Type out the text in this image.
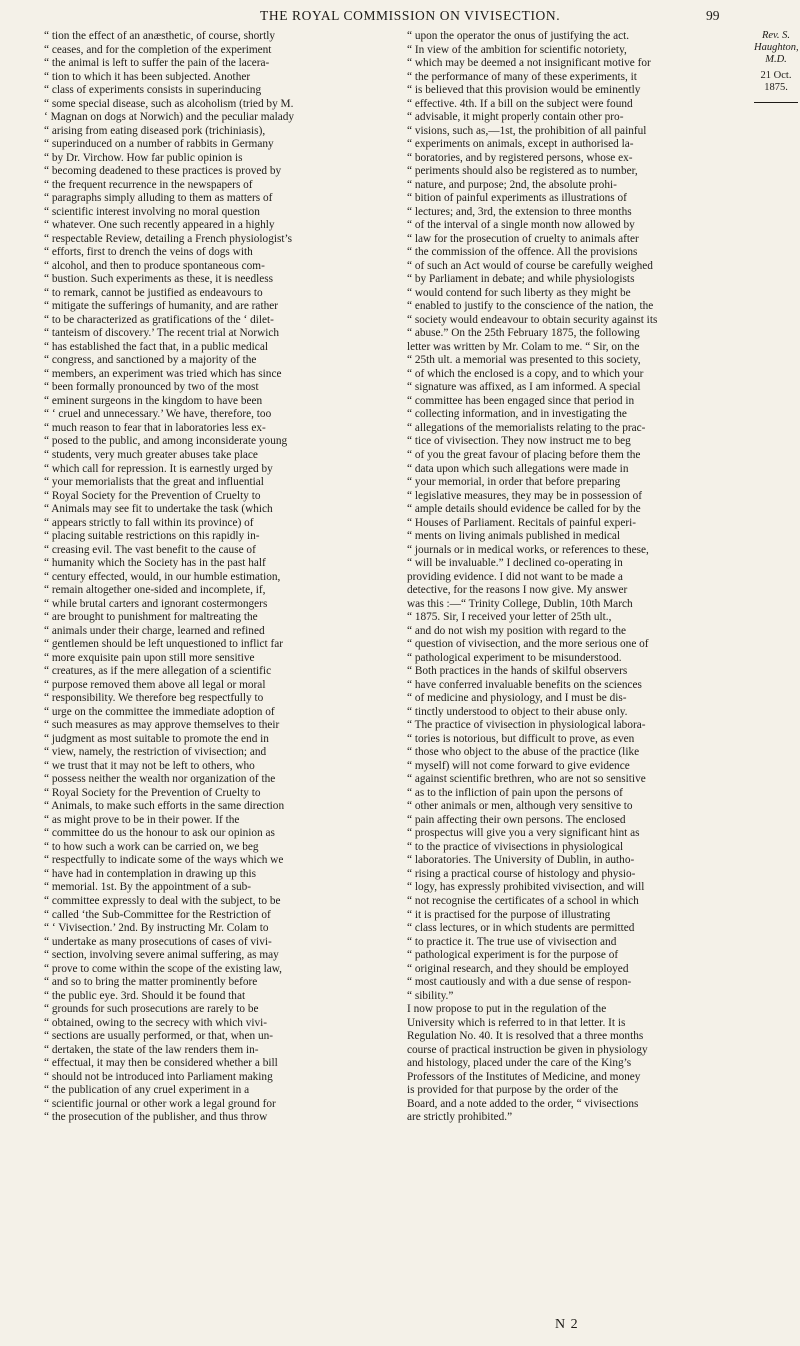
THE ROYAL COMMISSION ON VIVISECTION.	99
“ tion the effect of an anæsthetic, of course, shortly
“ ceases, and for the completion of the experiment
“ the animal is left to suffer the pain of the lacera-
“ tion to which it has been subjected. Another
“ class of experiments consists in superinducing
“ some special disease, such as alcoholism (tried by M.
‘ Magnan on dogs at Norwich) and the peculiar malady
“ arising from eating diseased pork (trichiniasis),
“ superinduced on a number of rabbits in Germany
“ by Dr. Virchow. How far public opinion is
“ becoming deadened to these practices is proved by
“ the frequent recurrence in the newspapers of
“ paragraphs simply alluding to them as matters of
“ scientific interest involving no moral question
“ whatever. One such recently appeared in a highly
“ respectable Review, detailing a French physiologist’s
“ efforts, first to drench the veins of dogs with
“ alcohol, and then to produce spontaneous com-
“ bustion. Such experiments as these, it is needless
“ to remark, cannot be justified as endeavours to
“ mitigate the sufferings of humanity, and are rather
“ to be characterized as gratifications of the ‘ dilet-
“ tanteism of discovery.’ The recent trial at Norwich
“ has established the fact that, in a public medical
“ congress, and sanctioned by a majority of the
“ members, an experiment was tried which has since
“ been formally pronounced by two of the most
“ eminent surgeons in the kingdom to have been
“ ‘ cruel and unnecessary.’ We have, therefore, too
“ much reason to fear that in laboratories less ex-
“ posed to the public, and among inconsiderate young
“ students, very much greater abuses take place
“ which call for repression. It is earnestly urged by
“ your memorialists that the great and influential
“ Royal Society for the Prevention of Cruelty to
“ Animals may see fit to undertake the task (which
“ appears strictly to fall within its province) of
“ placing suitable restrictions on this rapidly in-
“ creasing evil. The vast benefit to the cause of
“ humanity which the Society has in the past half
“ century effected, would, in our humble estimation,
“ remain altogether one-sided and incomplete, if,
“ while brutal carters and ignorant costermongers
“ are brought to punishment for maltreating the
“ animals under their charge, learned and refined
“ gentlemen should be left unquestioned to inflict far
“ more exquisite pain upon still more sensitive
“ creatures, as if the mere allegation of a scientific
“ purpose removed them above all legal or moral
“ responsibility. We therefore beg respectfully to
“ urge on the committee the immediate adoption of
“ such measures as may approve themselves to their
“ judgment as most suitable to promote the end in
“ view, namely, the restriction of vivisection; and
“ we trust that it may not be left to others, who
“ possess neither the wealth nor organization of the
“ Royal Society for the Prevention of Cruelty to
“ Animals, to make such efforts in the same direction
“ as might prove to be in their power. If the
“ committee do us the honour to ask our opinion as
“ to how such a work can be carried on, we beg
“ respectfully to indicate some of the ways which we
“ have had in contemplation in drawing up this
“ memorial. 1st. By the appointment of a sub-
“ committee expressly to deal with the subject, to be
“ called ‘the Sub-Committee for the Restriction of
“ ‘ Vivisection.’ 2nd. By instructing Mr. Colam to
“ undertake as many prosecutions of cases of vivi-
“ section, involving severe animal suffering, as may
“ prove to come within the scope of the existing law,
“ and so to bring the matter prominently before
“ the public eye. 3rd. Should it be found that
“ grounds for such prosecutions are rarely to be
“ obtained, owing to the secrecy with which vivi-
“ sections are usually performed, or that, when un-
“ dertaken, the state of the law renders them in-
“ effectual, it may then be considered whether a bill
“ should not be introduced into Parliament making
“ the publication of any cruel experiment in a
“ scientific journal or other work a legal ground for
“ the prosecution of the publisher, and thus throw
“ upon the operator the onus of justifying the act.
“ In view of the ambition for scientific notoriety,
“ which may be deemed a not insignificant motive for
“ the performance of many of these experiments, it
“ is believed that this provision would be eminently
“ effective. 4th. If a bill on the subject were found
“ advisable, it might properly contain other pro-
“ visions, such as,—1st, the prohibition of all painful
“ experiments on animals, except in authorised la-
“ boratories, and by registered persons, whose ex-
“ periments should also be registered as to number,
“ nature, and purpose; 2nd, the absolute prohi-
“ bition of painful experiments as illustrations of
“ lectures; and, 3rd, the extension to three months
“ of the interval of a single month now allowed by
“ law for the prosecution of cruelty to animals after
“ the commission of the offence. All the provisions
“ of such an Act would of course be carefully weighed
“ by Parliament in debate; and while physiologists
“ would contend for such liberty as they might be
“ enabled to justify to the conscience of the nation, the
“ society would endeavour to obtain security against its
“ abuse.” On the 25th February 1875, the following
letter was written by Mr. Colam to me. “ Sir, on the
“ 25th ult. a memorial was presented to this society,
“ of which the enclosed is a copy, and to which your
“ signature was affixed, as I am informed. A special
“ committee has been engaged since that period in
“ collecting information, and in investigating the
“ allegations of the memorialists relating to the prac-
“ tice of vivisection. They now instruct me to beg
“ of you the great favour of placing before them the
“ data upon which such allegations were made in
“ your memorial, in order that before preparing
“ legislative measures, they may be in possession of
“ ample details should evidence be called for by the
“ Houses of Parliament. Recitals of painful experi-
“ ments on living animals published in medical
“ journals or in medical works, or references to these,
“ will be invaluable.” I declined co-operating in
providing evidence. I did not want to be made a
detective, for the reasons I now give. My answer
was this :—“ Trinity College, Dublin, 10th March
“ 1875. Sir, I received your letter of 25th ult.,
“ and do not wish my position with regard to the
“ question of vivisection, and the more serious one of
“ pathological experiment to be misunderstood.
“ Both practices in the hands of skilful observers
“ have conferred invaluable benefits on the sciences
“ of medicine and physiology, and I must be dis-
“ tinctly understood to object to their abuse only.
“ The practice of vivisection in physiological labora-
“ tories is notorious, but difficult to prove, as even
“ those who object to the abuse of the practice (like
“ myself) will not come forward to give evidence
“ against scientific brethren, who are not so sensitive
“ as to the infliction of pain upon the persons of
“ other animals or men, although very sensitive to
“ pain affecting their own persons. The enclosed
“ prospectus will give you a very significant hint as
“ to the practice of vivisections in physiological
“ laboratories. The University of Dublin, in autho-
“ rising a practical course of histology and physio-
“ logy, has expressly prohibited vivisection, and will
“ not recognise the certificates of a school in which
“ it is practised for the purpose of illustrating
“ class lectures, or in which students are permitted
“ to practice it. The true use of vivisection and
“ pathological experiment is for the purpose of
“ original research, and they should be employed
“ most cautiously and with a due sense of respon-
“ sibility.”
I now propose to put in the regulation of the
University which is referred to in that letter. It is
Regulation No. 40. It is resolved that a three months
course of practical instruction be given in physiology
and histology, placed under the care of the King’s
Professors of the Institutes of Medicine, and money
is provided for that purpose by the order of the
Board, and a note added to the order, “ vivisections
are strictly prohibited.”
Rev. S. Haughton, M.D.
21 Oct. 1875.
N 2
